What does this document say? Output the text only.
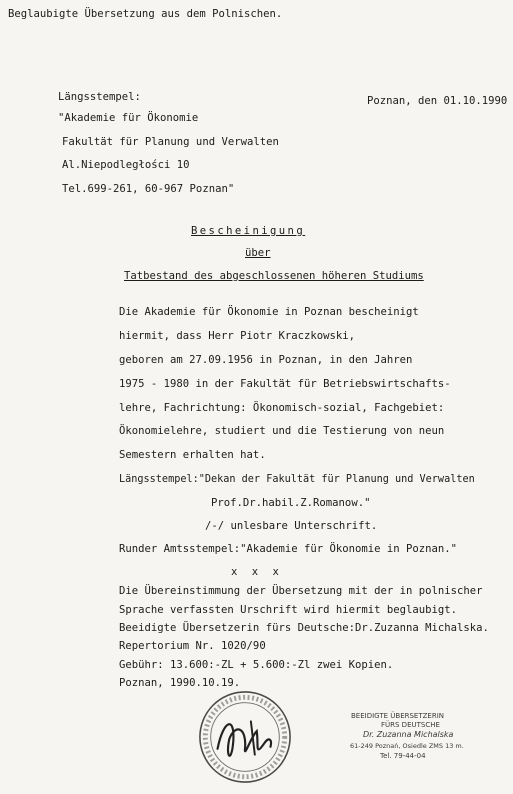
Beglaubigte Übersetzung aus dem Polnischen.
Längsstempel:	Poznan, den 01.10.1990
"Akademie für Ökonomie
Fakultät für Planung und Verwalten
Al.Niepodległości 10
Tel.699-261, 60-967 Poznan"
Bescheinigung
über
Tatbestand des abgeschlossenen höheren Studiums
Die Akademie für Ökonomie in Poznan bescheinigt
hiermit, dass Herr Piotr Kraczkowski,
geboren am 27.09.1956 in Poznan, in den Jahren
1975 - 1980 in der Fakultät für Betriebswirtschafts-
lehre, Fachrichtung: Ökonomisch-sozial, Fachgebiet:
Ökonomielehre, studiert und die Testierung von neun
Semestern erhalten hat.
Längsstempel:"Dekan der Fakultät für Planung und Verwalten
Prof.Dr.habil.Z.Romanow."
/-/ unlesbare Unterschrift.
Runder Amtsstempel:"Akademie für Ökonomie in Poznan."
x x x
Die Übereinstimmung der Übersetzung mit der in polnischer
Sprache verfassten Urschrift wird hiermit beglaubigt.
Beeidigte Übersetzerin fürs Deutsche:Dr.Zuzanna Michalska.
Repertorium Nr. 1020/90
Gebühr: 13.600:-ZL + 5.600:-Zl zwei Kopien.
Poznan, 1990.10.19.
BEEIDIGTE ÜBERSETZERIN
FÜRS DEUTSCHE
Dr. Zuzanna Michalska
61-249 Poznań, Osiedle ZMS 13 m.
Tel. 79-44-04
